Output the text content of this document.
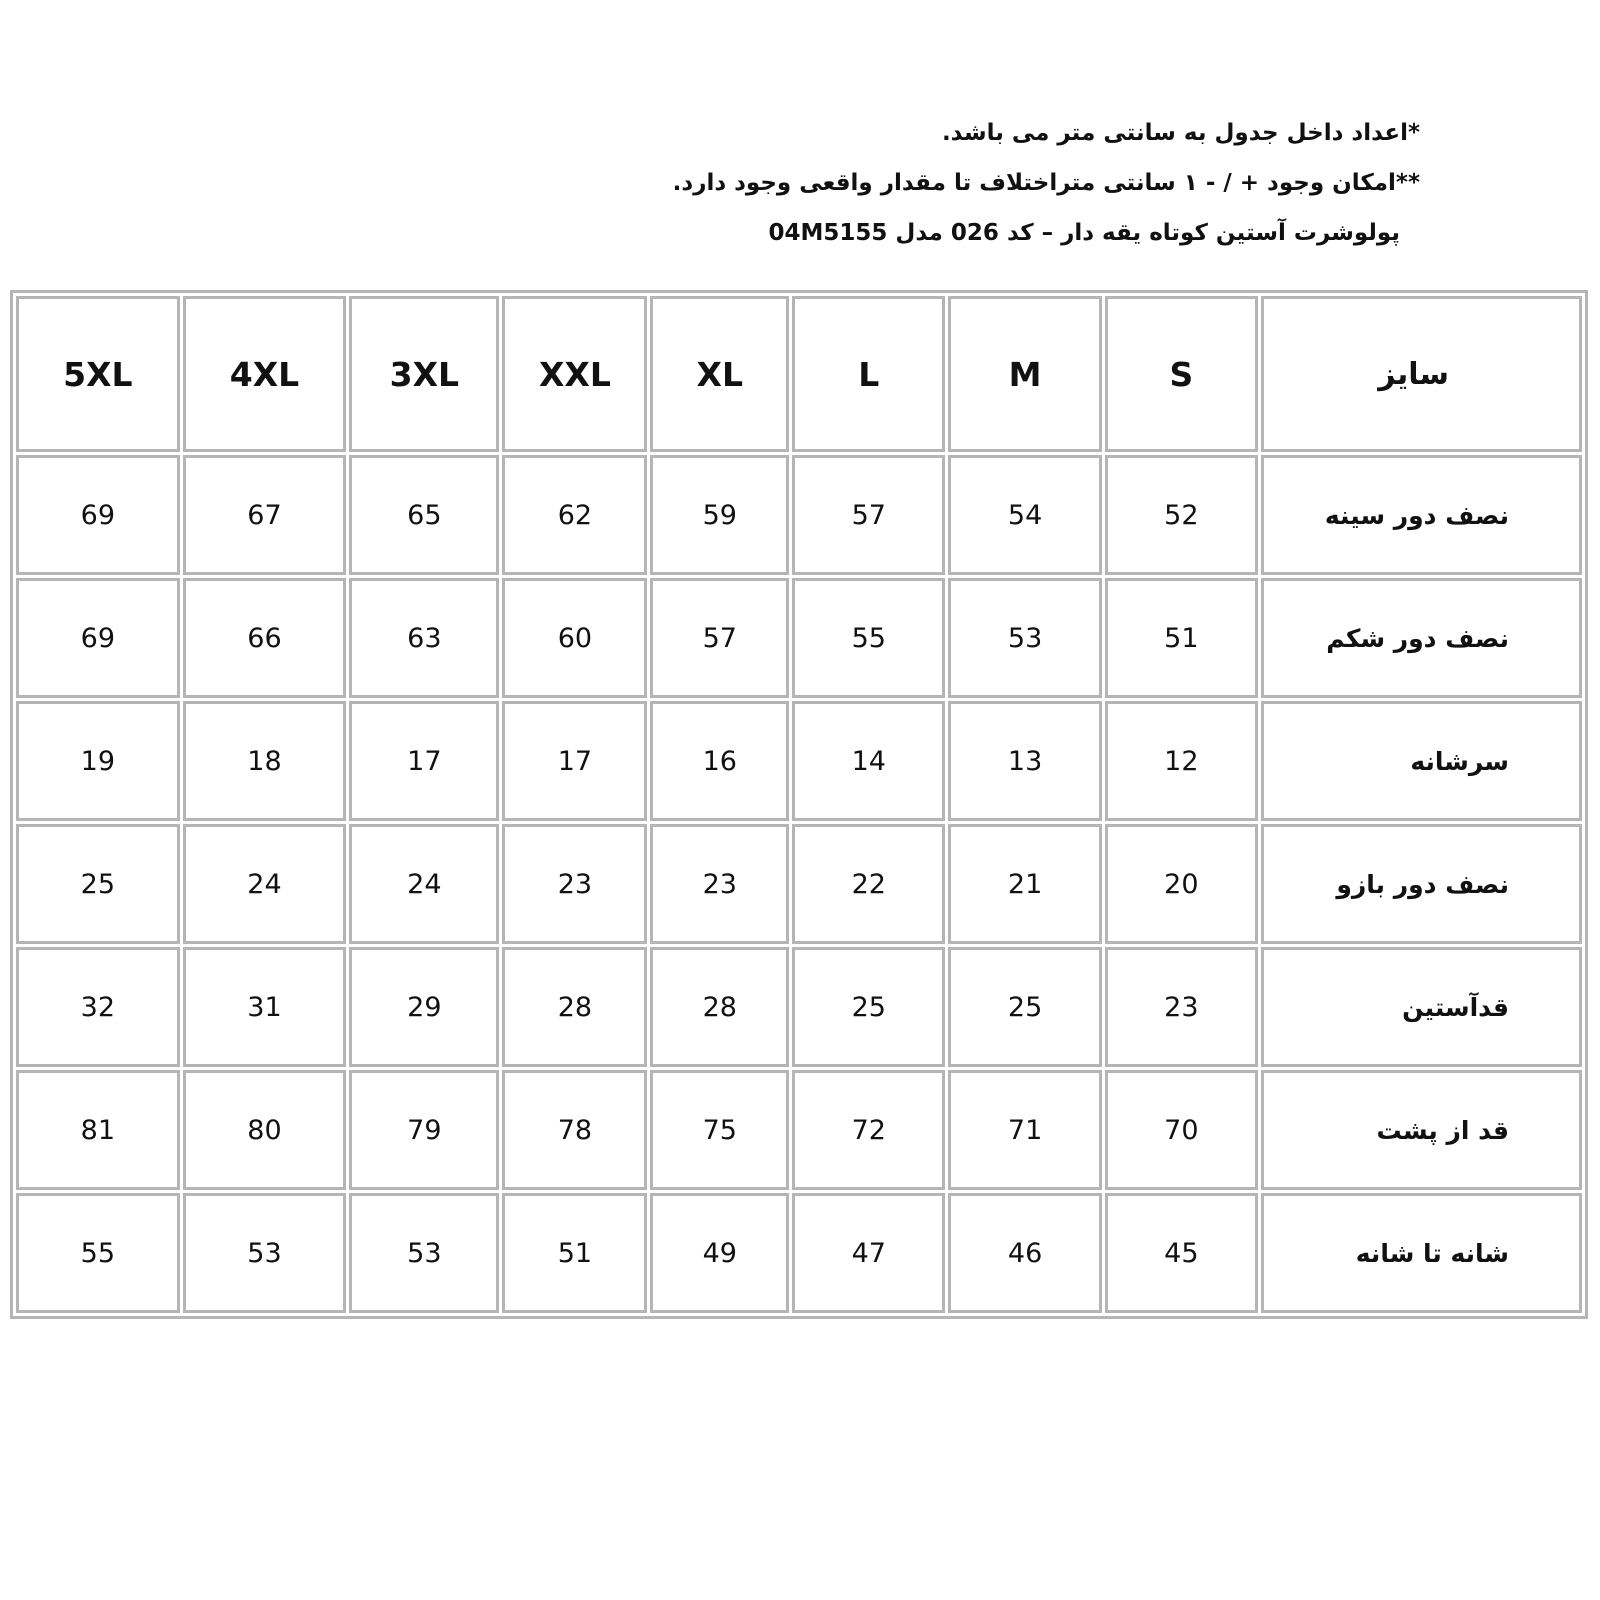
*اعداد داخل جدول به سانتی متر می باشد.
**امکان وجود + / - ۱ سانتی متراختلاف تا مقدار واقعی وجود دارد.
پولوشرت آستین کوتاه یقه دار – کد 026 مدل 04M5155
سایز	S	M	L	XL	XXL	3XL	4XL	5XL
نصف دور سینه	52	54	57	59	62	65	67	69
نصف دور شکم	51	53	55	57	60	63	66	69
سرشانه	12	13	14	16	17	17	18	19
نصف دور بازو	20	21	22	23	23	24	24	25
قدآستین	23	25	25	28	28	29	31	32
قد از پشت	70	71	72	75	78	79	80	81
شانه تا شانه	45	46	47	49	51	53	53	55
